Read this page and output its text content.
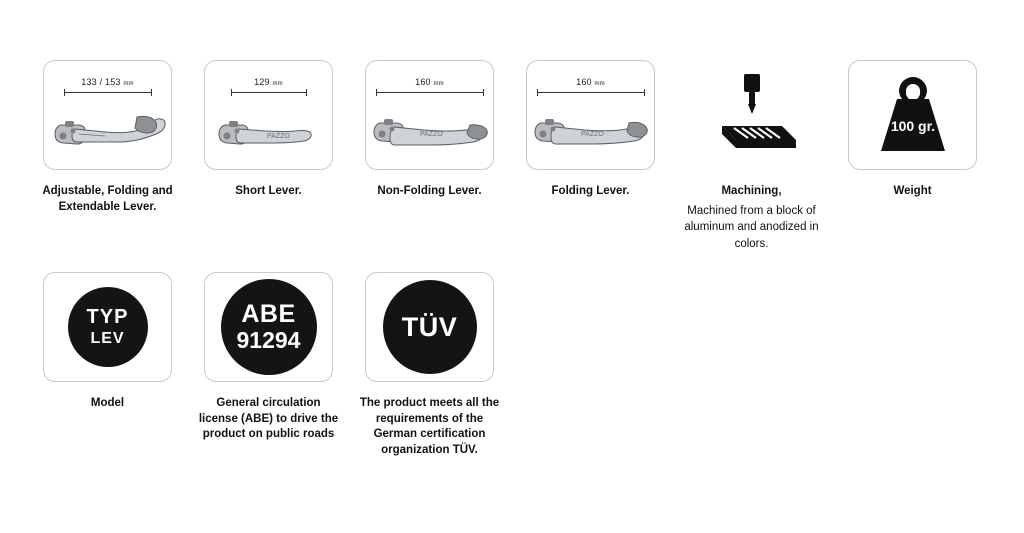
133 / 153 mm
Adjustable, Folding and Extendable Lever.
129 mm
PAZZO
Short Lever.
160 mm
PAZZO
Non-Folding Lever.
160 mm
PAZZO
Folding Lever.	Machining,
Machined from a block of aluminum and anodized in colors.
100 gr.
Weight
TYP
LEV
Model
ABE
91294
General circulation license (ABE) to drive the product on public roads
TÜV
The product meets all the requirements of the German certification organization TÜV.
